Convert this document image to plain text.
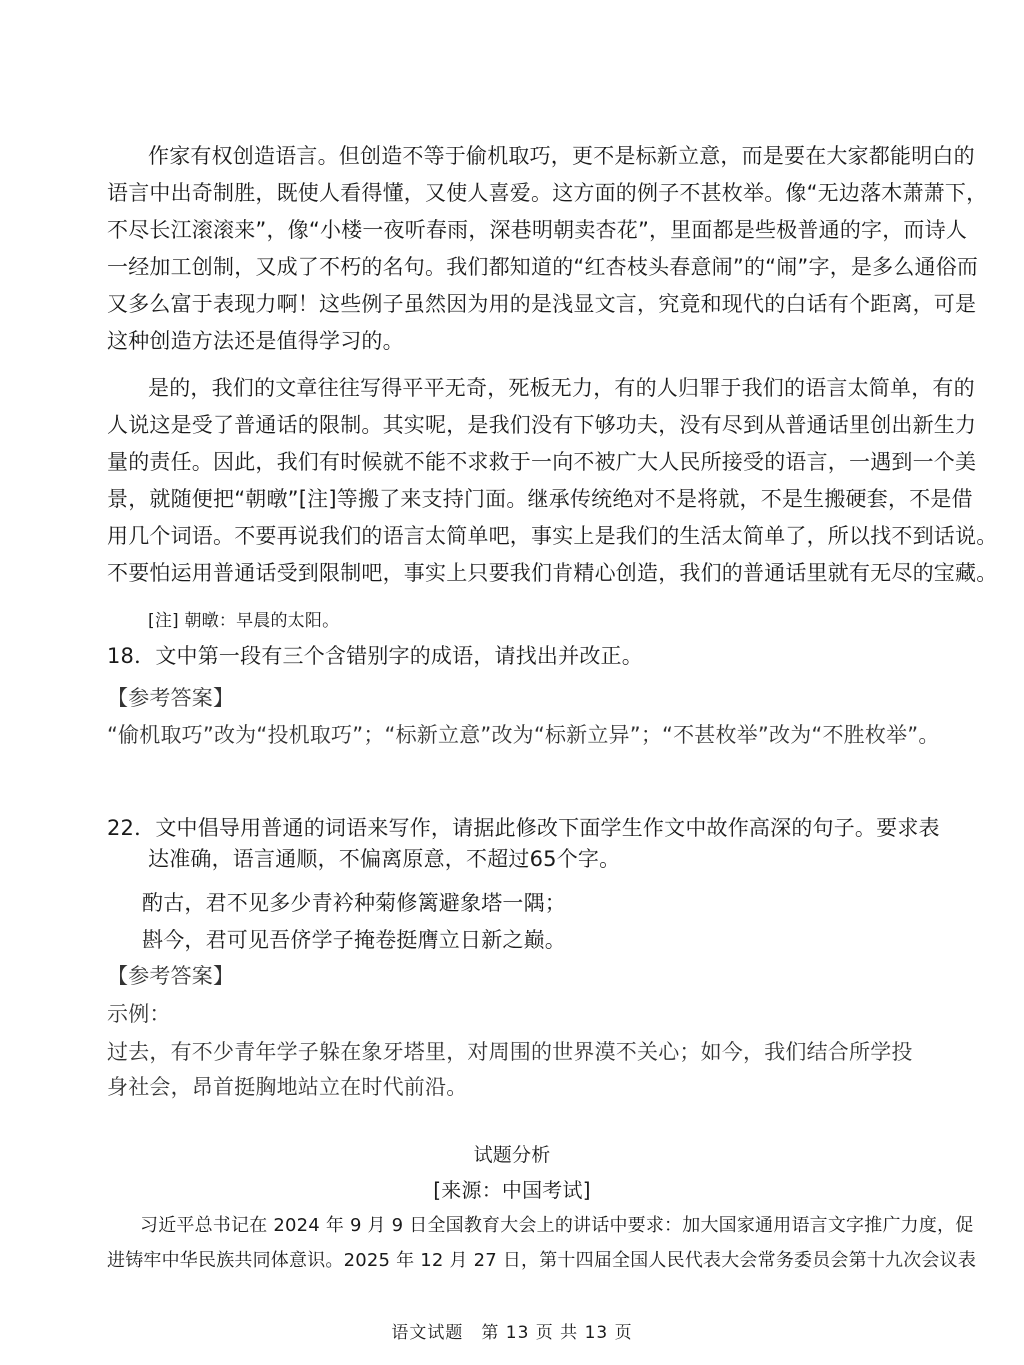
作家有权创造语言。但创造不等于偷机取巧，更不是标新立意，而是要在大家都能明白的
语言中出奇制胜，既使人看得懂，又使人喜爱。这方面的例子不甚枚举。像“无边落木萧萧下，
不尽长江滚滚来”，像“小楼一夜听春雨，深巷明朝卖杏花”，里面都是些极普通的字，而诗人
一经加工创制，又成了不朽的名句。我们都知道的“红杏枝头春意闹”的“闹”字，是多么通俗而
又多么富于表现力啊！这些例子虽然因为用的是浅显文言，究竟和现代的白话有个距离，可是
这种创造方法还是值得学习的。
是的，我们的文章往往写得平平无奇，死板无力，有的人归罪于我们的语言太简单，有的
人说这是受了普通话的限制。其实呢，是我们没有下够功夫，没有尽到从普通话里创出新生力
量的责任。因此，我们有时候就不能不求救于一向不被广大人民所接受的语言，一遇到一个美
景，就随便把“朝暾”[注]等搬了来支持门面。继承传统绝对不是将就，不是生搬硬套，不是借
用几个词语。不要再说我们的语言太简单吧，事实上是我们的生活太简单了，所以找不到话说。
不要怕运用普通话受到限制吧，事实上只要我们肯精心创造，我们的普通话里就有无尽的宝藏。
[注] 朝暾：早晨的太阳。
18．文中第一段有三个含错别字的成语，请找出并改正。
【参考答案】
“偷机取巧”改为“投机取巧”；“标新立意”改为“标新立异”；“不甚枚举”改为“不胜枚举”。
22．文中倡导用普通的词语来写作，请据此修改下面学生作文中故作高深的句子。要求表
达准确，语言通顺，不偏离原意，不超过65个字。
酌古，君不见多少青衿种菊修篱避象塔一隅；
斟今，君可见吾侪学子掩卷挺膺立日新之巅。
【参考答案】
示例：
过去，有不少青年学子躲在象牙塔里，对周围的世界漠不关心；如今，我们结合所学投
身社会，昂首挺胸地站立在时代前沿。
试题分析
[来源：中国考试]
习近平总书记在 2024 年 9 月 9 日全国教育大会上的讲话中要求：加大国家通用语言文字推广力度，促
进铸牢中华民族共同体意识。2025 年 12 月 27 日，第十四届全国人民代表大会常务委员会第十九次会议表
语文试题　第 13 页 共 13 页
